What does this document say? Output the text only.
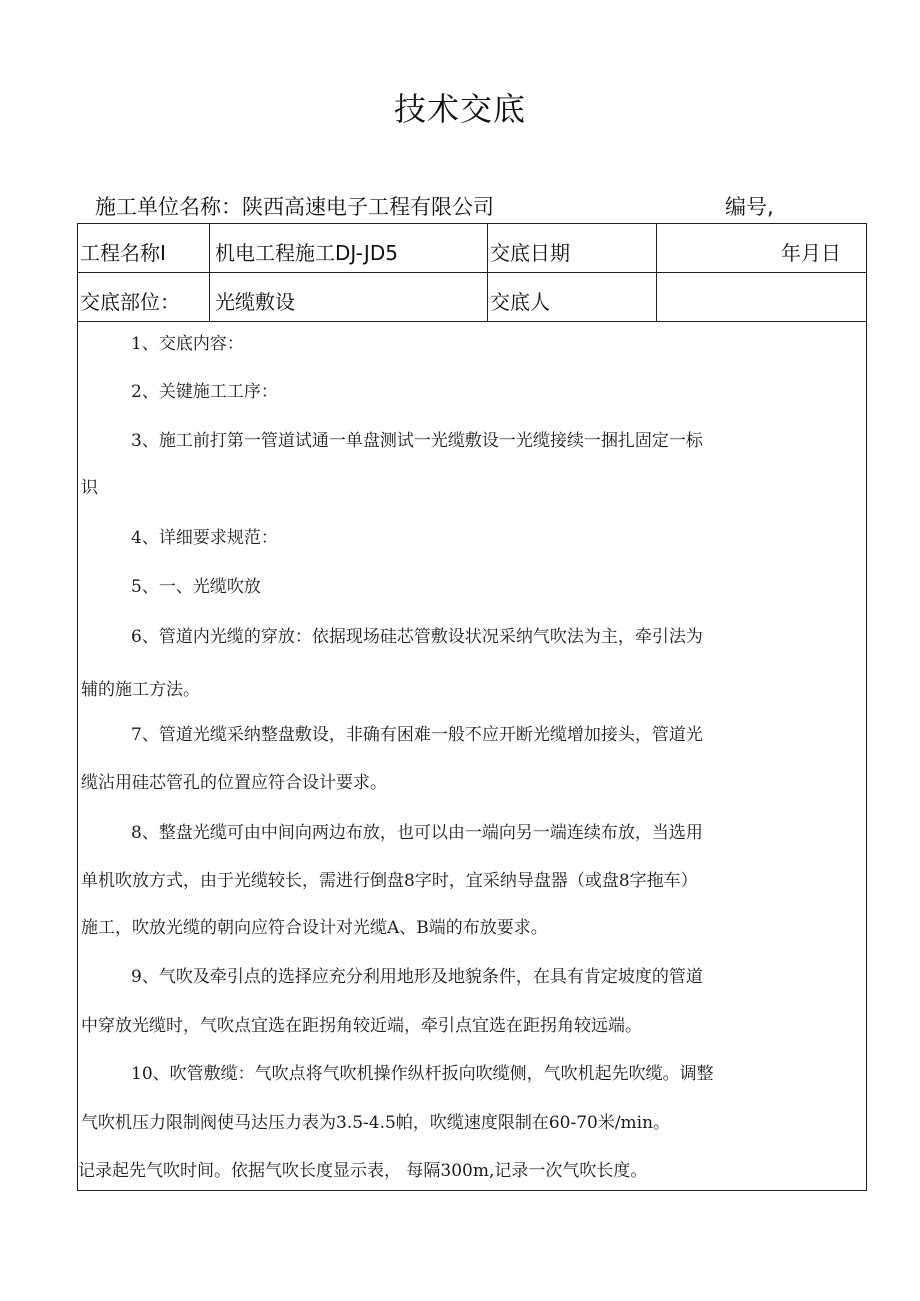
技术交底
施工单位名称：陕西高速电子工程有限公司	编号,
工程名称I 机电工程施工DJ-JD5	交底日期	年月日
交底部位： 光缆敷设	交底人
1、交底内容：
2、关键施工工序：
3、施工前打第一管道试通一单盘测试一光缆敷设一光缆接续一捆扎固定一标
识
4、详细要求规范：
5、一、光缆吹放
6、管道内光缆的穿放：依据现场硅芯管敷设状况采纳气吹法为主，牵引法为
辅的施工方法。
7、管道光缆采纳整盘敷设，非确有困难一般不应开断光缆增加接头，管道光
缆沾用硅芯管孔的位置应符合设计要求。
8、整盘光缆可由中间向两边布放，也可以由一端向另一端连续布放，当选用
单机吹放方式，由于光缆较长，需进行倒盘8字时，宜采纳导盘器（或盘8字拖车）
施工，吹放光缆的朝向应符合设计对光缆A、B端的布放要求。
9、气吹及牵引点的选择应充分利用地形及地貌条件，在具有肯定坡度的管道
中穿放光缆时，气吹点宜选在距拐角较近端，牵引点宜选在距拐角较远端。
10、吹管敷缆：气吹点将气吹机操作纵杆扳向吹缆侧，气吹机起先吹缆。调整
气吹机压力限制阀使马达压力表为3.5-4.5帕，吹缆速度限制在60-70米/min。
记录起先气吹时间。依据气吹长度显示表， 每隔300m,记录一次气吹长度。
